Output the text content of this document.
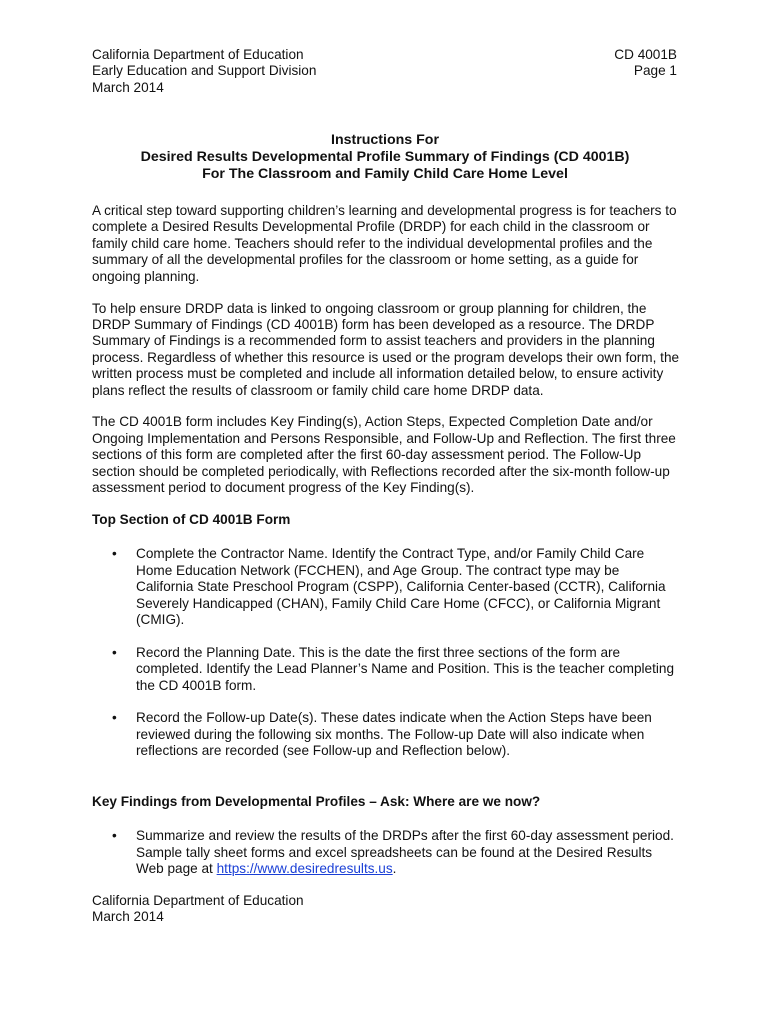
California Department of Education
Early Education and Support Division
March 2014
CD 4001B
Page 1
Instructions For
Desired Results Developmental Profile Summary of Findings (CD 4001B)
For The Classroom and Family Child Care Home Level

A critical step toward supporting children’s learning and developmental progress is for teachers to complete a Desired Results Developmental Profile (DRDP) for each child in the classroom or family child care home. Teachers should refer to the individual developmental profiles and the summary of all the developmental profiles for the classroom or home setting, as a guide for ongoing planning.

To help ensure DRDP data is linked to ongoing classroom or group planning for children, the DRDP Summary of Findings (CD 4001B) form has been developed as a resource. The DRDP Summary of Findings is a recommended form to assist teachers and providers in the planning process. Regardless of whether this resource is used or the program develops their own form, the written process must be completed and include all information detailed below, to ensure activity plans reflect the results of classroom or family child care home DRDP data.

The CD 4001B form includes Key Finding(s), Action Steps, Expected Completion Date and/or Ongoing Implementation and Persons Responsible, and Follow-Up and Reflection. The first three sections of this form are completed after the first 60-day assessment period. The Follow-Up section should be completed periodically, with Reflections recorded after the six-month follow-up assessment period to document progress of the Key Finding(s).

Top Section of CD 4001B Form
• Complete the Contractor Name. Identify the Contract Type, and/or Family Child Care Home Education Network (FCCHEN), and Age Group. The contract type may be California State Preschool Program (CSPP), California Center-based (CCTR), California Severely Handicapped (CHAN), Family Child Care Home (CFCC), or California Migrant (CMIG).
• Record the Planning Date. This is the date the first three sections of the form are completed. Identify the Lead Planner’s Name and Position. This is the teacher completing the CD 4001B form.
• Record the Follow-up Date(s). These dates indicate when the Action Steps have been reviewed during the following six months. The Follow-up Date will also indicate when reflections are recorded (see Follow-up and Reflection below).
Key Findings from Developmental Profiles – Ask: Where are we now?
• Summarize and review the results of the DRDPs after the first 60-day assessment period. Sample tally sheet forms and excel spreadsheets can be found at the Desired Results Web page at https://www.desiredresults.us.
California Department of Education
March 2014
